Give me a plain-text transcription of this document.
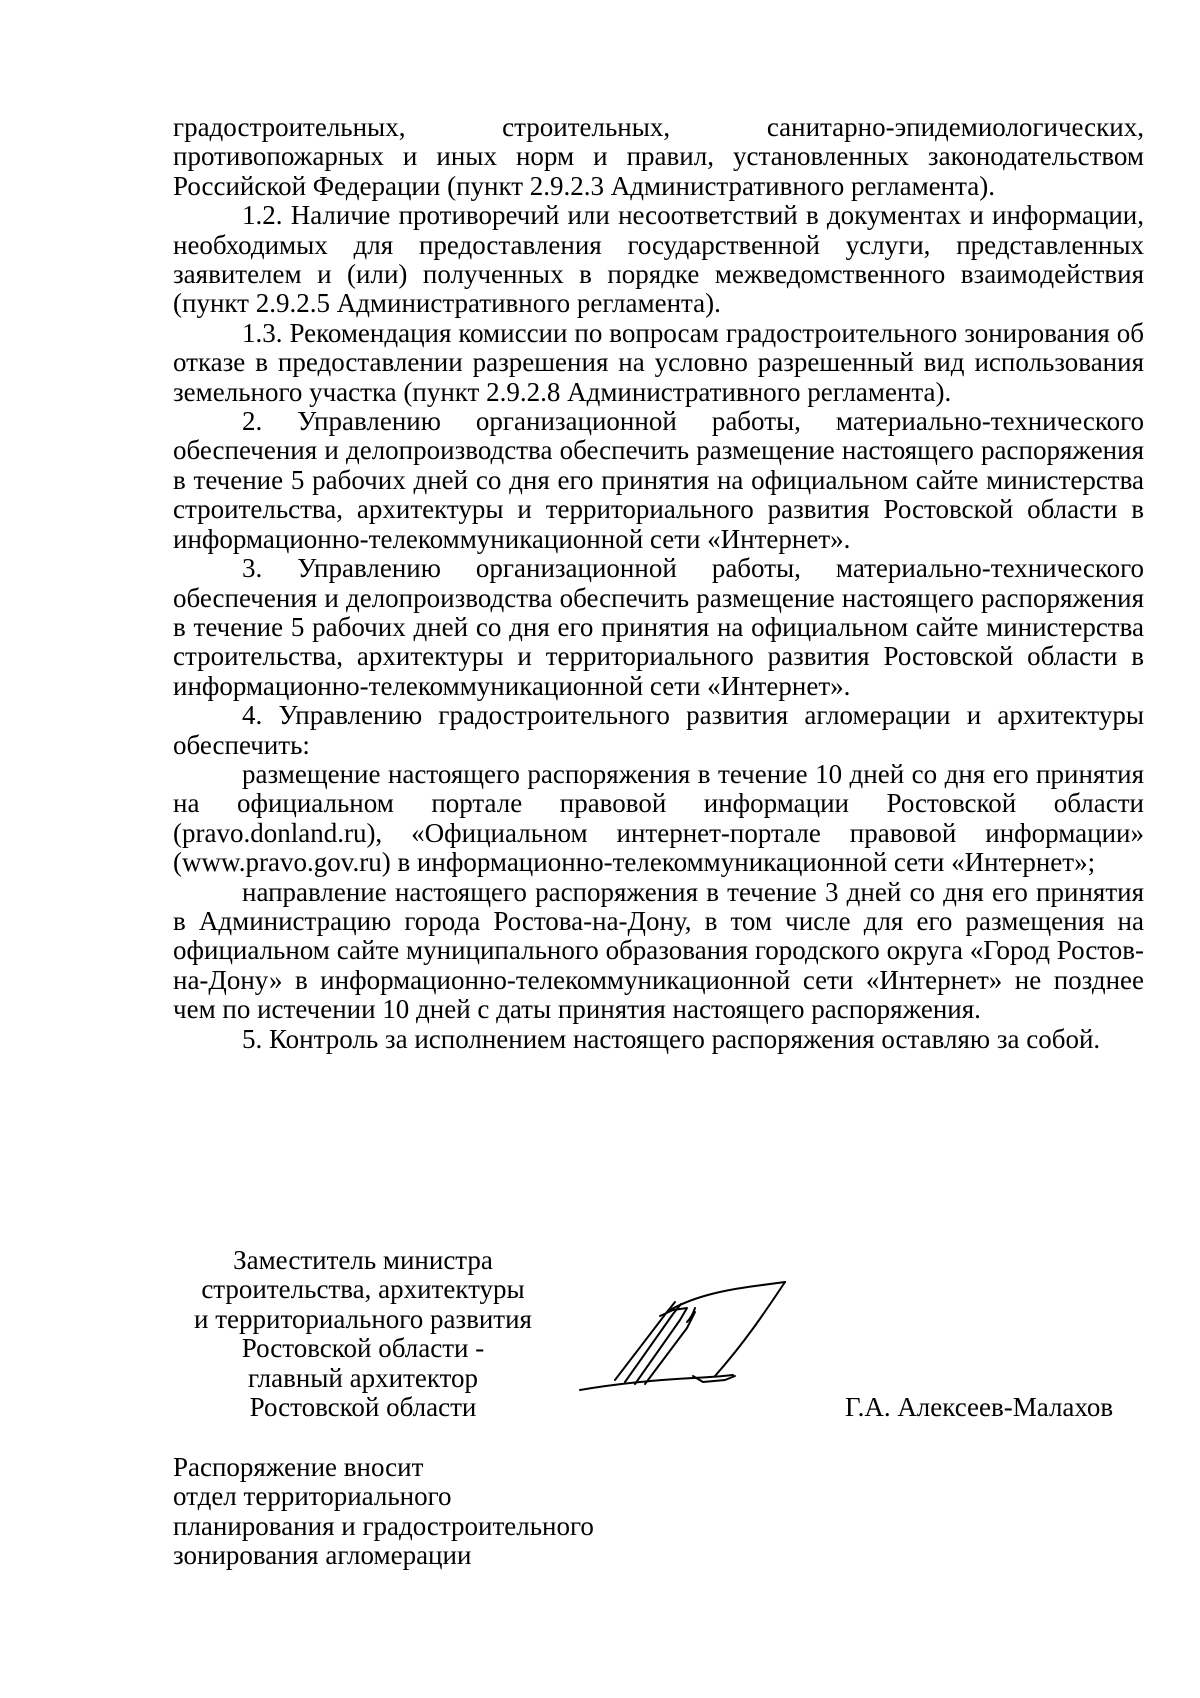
градостроительных, строительных, санитарно-эпидемиологических, противопожарных и иных норм и правил, установленных законодательством Российской Федерации (пункт 2.9.2.3 Административного регламента).

1.2. Наличие противоречий или несоответствий в документах и информации, необходимых для предоставления государственной услуги, представленных заявителем и (или) полученных в порядке межведомственного взаимодействия (пункт 2.9.2.5 Административного регламента).

1.3. Рекомендация комиссии по вопросам градостроительного зонирования об отказе в предоставлении разрешения на условно разрешенный вид использования земельного участка (пункт 2.9.2.8 Административного регламента).

2. Управлению организационной работы, материально-технического обеспечения и делопроизводства обеспечить размещение настоящего распоряжения в течение 5 рабочих дней со дня его принятия на официальном сайте министерства строительства, архитектуры и территориального развития Ростовской области в информационно-телекоммуникационной сети «Интернет».

3. Управлению организационной работы, материально-технического обеспечения и делопроизводства обеспечить размещение настоящего распоряжения в течение 5 рабочих дней со дня его принятия на официальном сайте министерства строительства, архитектуры и территориального развития Ростовской области в информационно-телекоммуникационной сети «Интернет».

4. Управлению градостроительного развития агломерации и архитектуры обеспечить:

размещение настоящего распоряжения в течение 10 дней со дня его принятия на официальном портале правовой информации Ростовской области (pravo.donland.ru), «Официальном интернет-портале правовой информации» (www.pravo.gov.ru) в информационно-телекоммуникационной сети «Интернет»;

направление настоящего распоряжения в течение 3 дней со дня его принятия в Администрацию города Ростова-на-Дону, в том числе для его размещения на официальном сайте муниципального образования городского округа «Город Ростов-на-Дону» в информационно-телекоммуникационной сети «Интернет» не позднее чем по истечении 10 дней с даты принятия настоящего распоряжения.

5. Контроль за исполнением настоящего распоряжения оставляю за собой.

Заместитель министра
строительства, архитектуры
и территориального развития
Ростовской области -
главный архитектор
Ростовской области	Г.А. Алексеев-Малахов
Распоряжение вносит
отдел территориального
планирования и градостроительного
зонирования агломерации
